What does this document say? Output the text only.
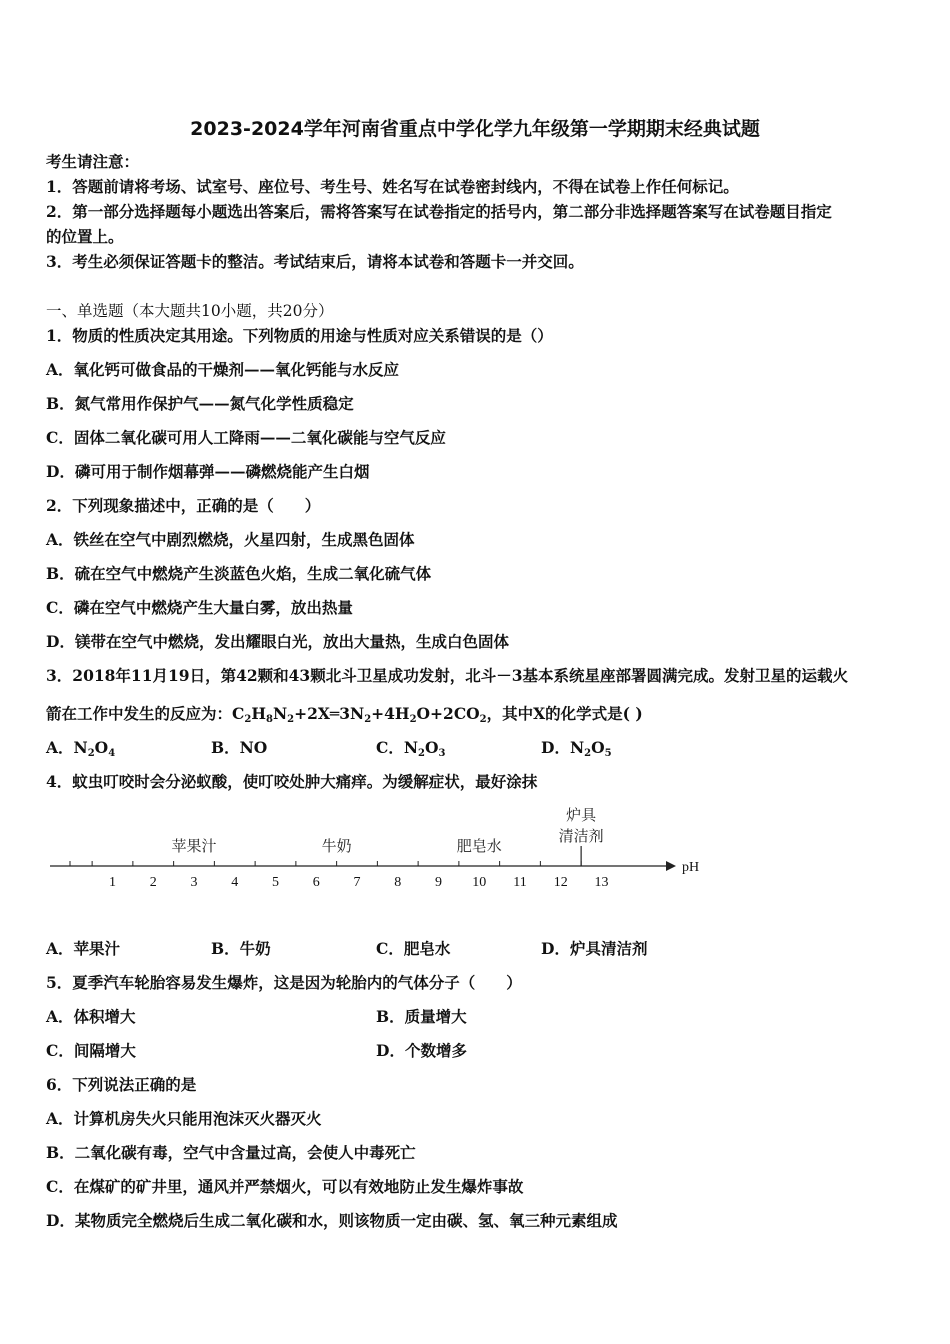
2023-2024学年河南省重点中学化学九年级第一学期期末经典试题
考生请注意：
1．答题前请将考场、试室号、座位号、考生号、姓名写在试卷密封线内，不得在试卷上作任何标记。
2．第一部分选择题每小题选出答案后，需将答案写在试卷指定的括号内，第二部分非选择题答案写在试卷题目指定
的位置上。
3．考生必须保证答题卡的整洁。考试结束后，请将本试卷和答题卡一并交回。
一、单选题（本大题共10小题，共20分）
1．物质的性质决定其用途。下列物质的用途与性质对应关系错误的是（）
A．氧化钙可做食品的干燥剂——氧化钙能与水反应
B．氮气常用作保护气——氮气化学性质稳定
C．固体二氧化碳可用人工降雨——二氧化碳能与空气反应
D．磷可用于制作烟幕弹——磷燃烧能产生白烟
2．下列现象描述中，正确的是（　　）
A．铁丝在空气中剧烈燃烧，火星四射，生成黑色固体
B．硫在空气中燃烧产生淡蓝色火焰，生成二氧化硫气体
C．磷在空气中燃烧产生大量白雾，放出热量
D．镁带在空气中燃烧，发出耀眼白光，放出大量热，生成白色固体
3．2018年11月19日，第42颗和43颗北斗卫星成功发射，北斗－3基本系统星座部署圆满完成。发射卫星的运载火
箭在工作中发生的反应为：$C_2H_8N_2+2X═3N_2+4H_2O+2CO_2$，其中X的化学式是( )
A．$N_2O_4$	B．NO	C．$N_2O_3$	D．$N_2O_5$
4．蚊虫叮咬时会分泌蚁酸，使叮咬处肿大痛痒。为缓解症状，最好涂抹
pH
1 2 3 4 5 6 7 8 9 10 11 12 13
苹果汁	牛奶	肥皂水
炉具
清洁剂
A．苹果汁	B．牛奶	C．肥皂水	D．炉具清洁剂
5．夏季汽车轮胎容易发生爆炸，这是因为轮胎内的气体分子（　　）
A．体积增大	B．质量增大
C．间隔增大	D．个数增多
6．下列说法正确的是
A．计算机房失火只能用泡沫灭火器灭火
B．二氧化碳有毒，空气中含量过高，会使人中毒死亡
C．在煤矿的矿井里，通风并严禁烟火，可以有效地防止发生爆炸事故
D．某物质完全燃烧后生成二氧化碳和水，则该物质一定由碳、氢、氧三种元素组成
